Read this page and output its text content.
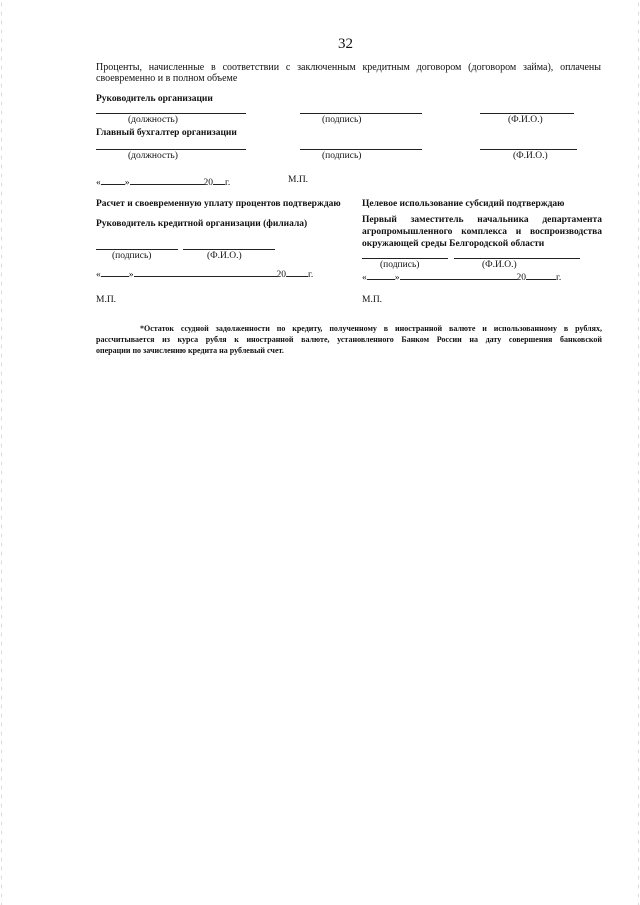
32
Проценты, начисленные в соответствии с заключенным кредитным договором (договором займа), оплачены
своевременно и в полном объеме
Руководитель организации
(должность)	(подпись)	(Ф.И.О.)
Главный бухгалтер организации
(должность)	(подпись)	(Ф.И.О.)
«	»	20 г.	М.П.
Расчет и своевременную уплату процентов подтверждаю
Руководитель кредитной организации (филиала)
(подпись)	(Ф.И.О.)
«	»	20 г.
М.П.
Целевое использование субсидий подтверждаю
Первый заместитель начальника департамента
агропромышленного комплекса и воспроизводства
окружающей среды Белгородской области
(подпись)	(Ф.И.О.)
«	»	20	г.
М.П.
*Остаток ссудной задолженности по кредиту, полученному в иностранной валюте и использованному в рублях,
рассчитывается из курса рубля к иностранной валюте, установленного Банком России на дату совершения банковской
операции по зачислению кредита на рублевый счет.
